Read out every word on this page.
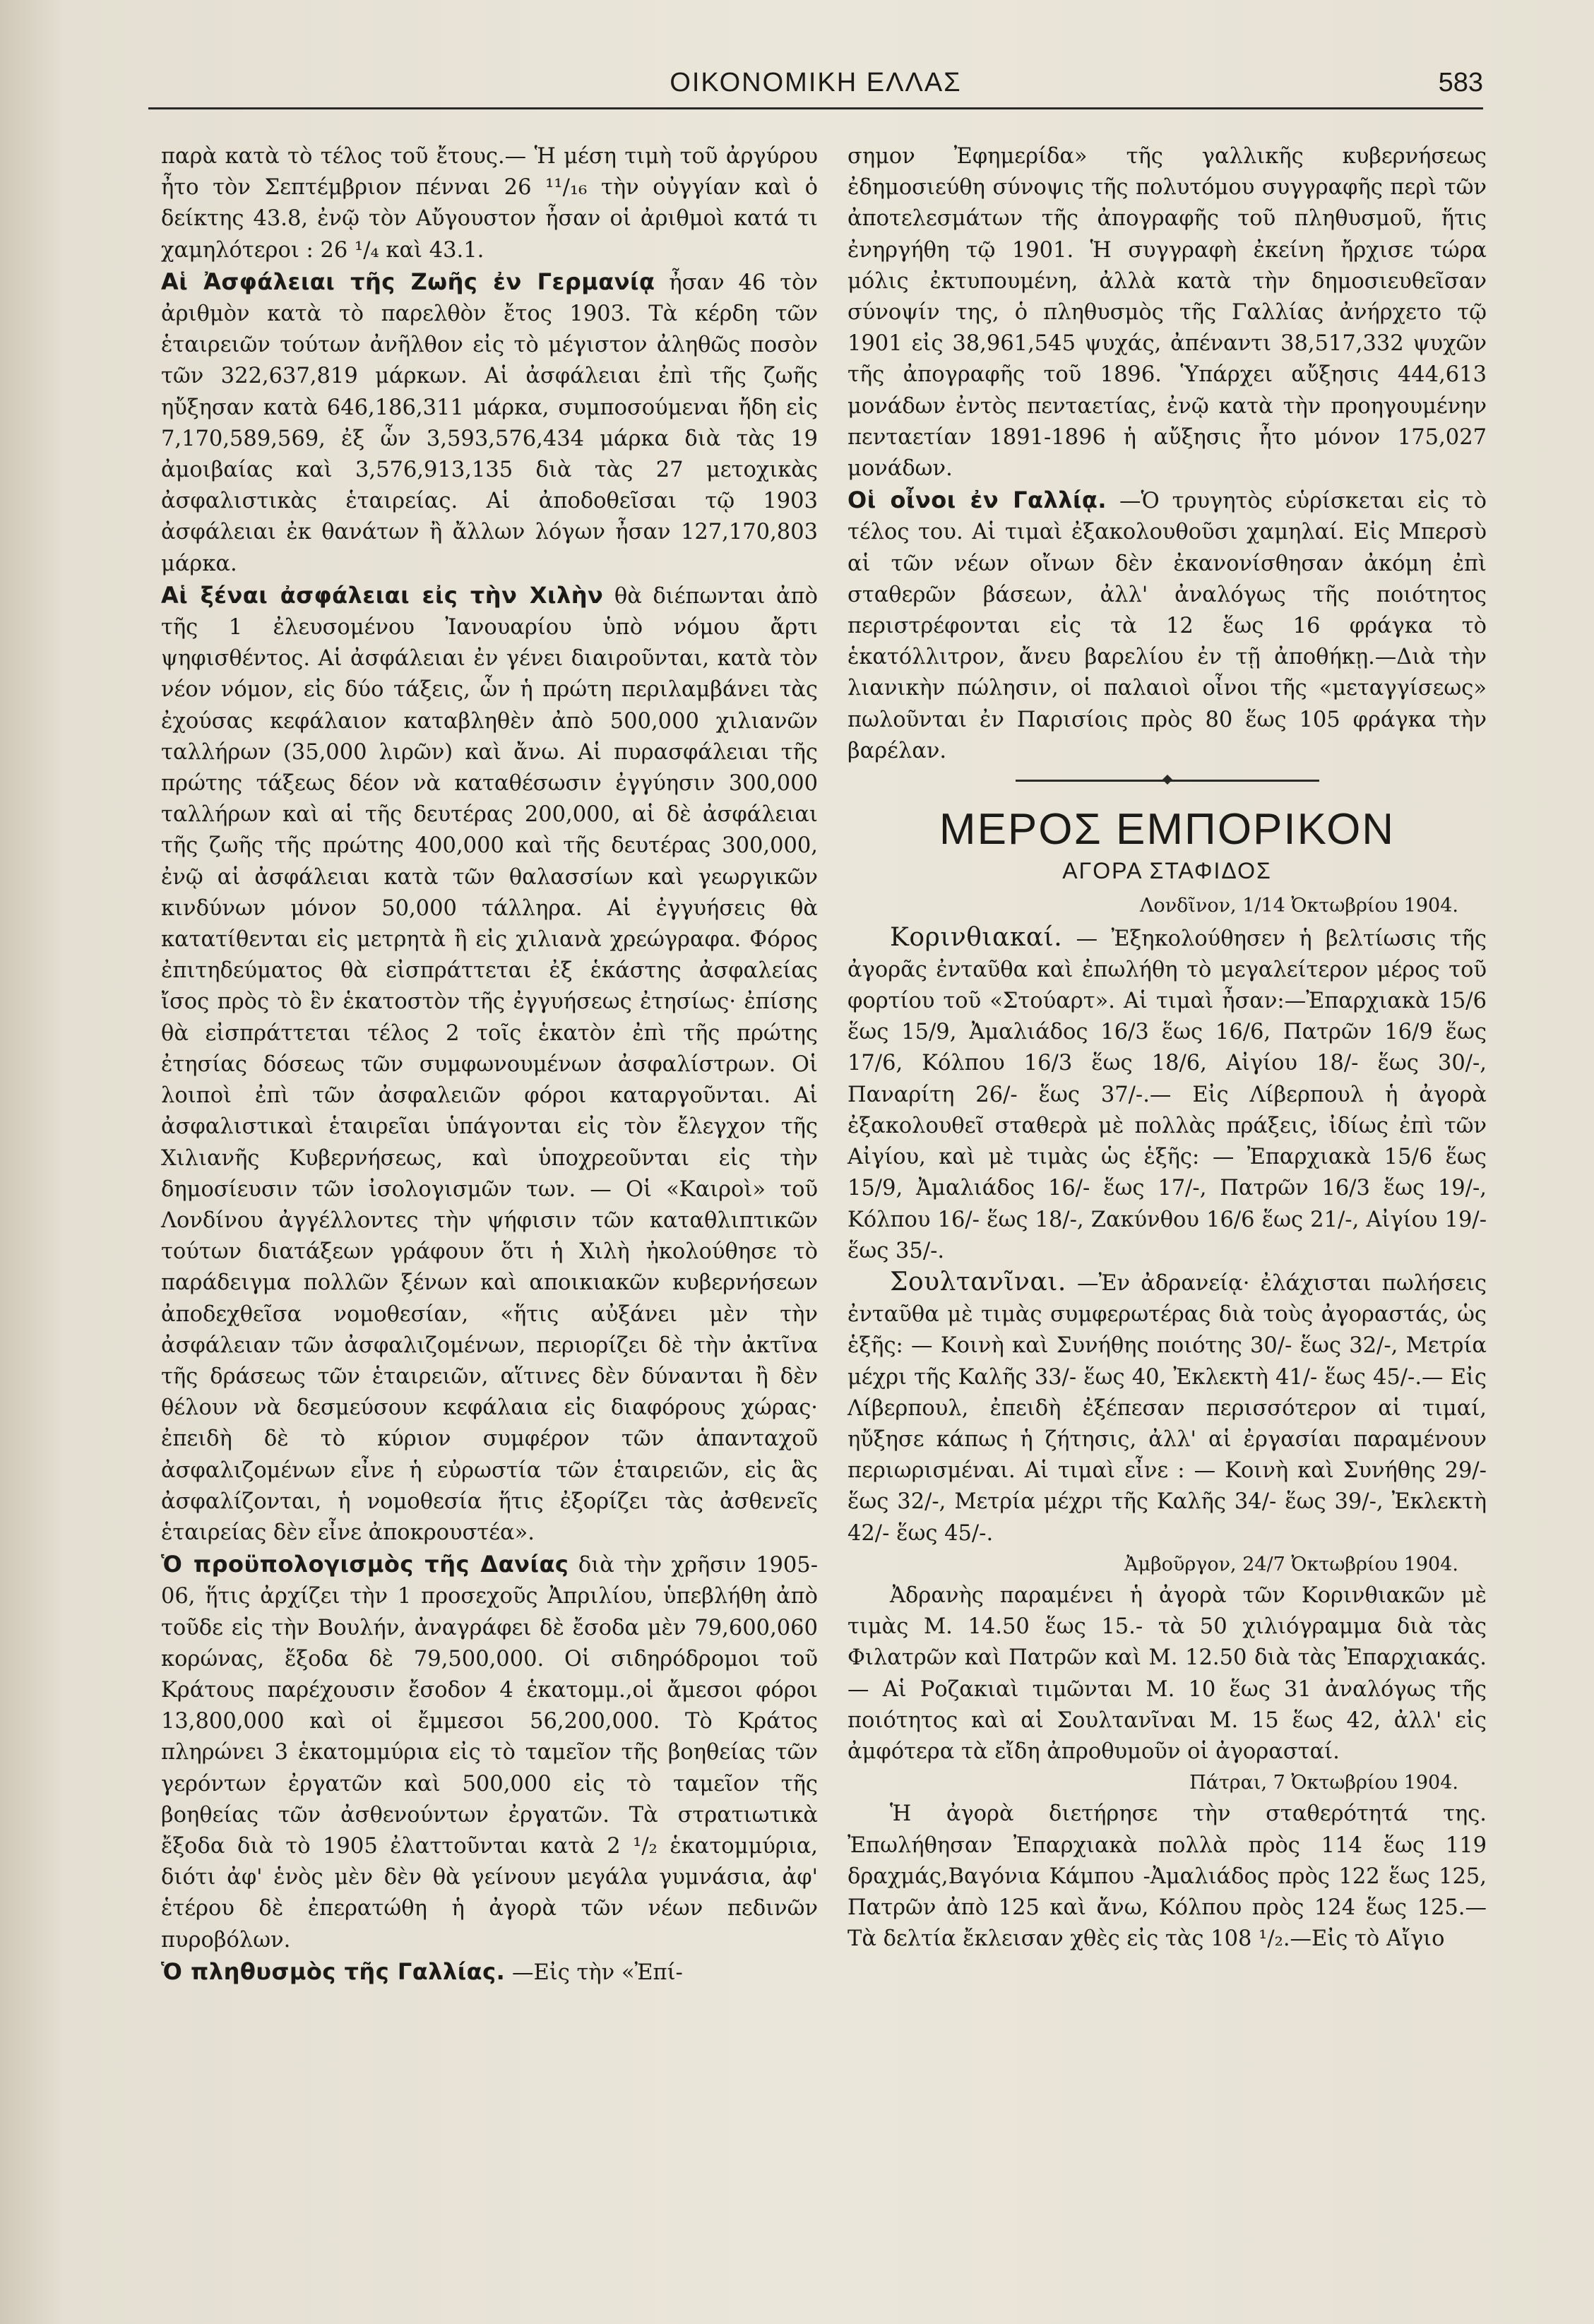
ΟΙΚΟΝΟΜΙΚΗ ΕΛΛΑΣ	583

παρὰ κατὰ τὸ τέλος τοῦ ἔτους.— Ἡ μέση τιμὴ τοῦ ἀργύρου ἦτο τὸν Σεπτέμβριον πένναι 26 ¹¹/₁₆ τὴν οὐγγίαν καὶ ὁ δείκτης 43.8, ἐνῷ τὸν Αὔγουστον ἦσαν οἱ ἀριθμοὶ κατά τι χαμηλότεροι : 26 ¹/₄ καὶ 43.1.

Αἱ Ἀσφάλειαι τῆς Ζωῆς ἐν Γερμανίᾳ ἦσαν 46 τὸν ἀριθμὸν κατὰ τὸ παρελθὸν ἔτος 1903. Τὰ κέρδη τῶν ἑταιρειῶν τούτων ἀνῆλθον εἰς τὸ μέγιστον ἀληθῶς ποσὸν τῶν 322,637,819 μάρκων. Αἱ ἀσφάλειαι ἐπὶ τῆς ζωῆς ηὔξησαν κατὰ 646,186,311 μάρκα, συμποσούμεναι ἤδη εἰς 7,170,589,569, ἐξ ὧν 3,593,576,434 μάρκα διὰ τὰς 19 ἀμοιβαίας καὶ 3,576,913,135 διὰ τὰς 27 μετοχικὰς ἀσφαλιστικὰς ἑταιρείας. Αἱ ἀποδοθεῖσαι τῷ 1903 ἀσφάλειαι ἐκ θανάτων ἢ ἄλλων λόγων ἦσαν 127,170,803 μάρκα.

Αἱ ξέναι ἀσφάλειαι εἰς τὴν Χιλὴν θὰ διέπωνται ἀπὸ τῆς 1 ἐλευσομένου Ἰανουαρίου ὑπὸ νόμου ἄρτι ψηφισθέντος. Αἱ ἀσφάλειαι ἐν γένει διαιροῦνται, κατὰ τὸν νέον νόμον, εἰς δύο τάξεις, ὧν ἡ πρώτη περιλαμβάνει τὰς ἐχούσας κεφάλαιον καταβληθὲν ἀπὸ 500,000 χιλιανῶν ταλλήρων (35,000 λιρῶν) καὶ ἄνω. Αἱ πυρασφάλειαι τῆς πρώτης τάξεως δέον νὰ καταθέσωσιν ἐγγύησιν 300,000 ταλλήρων καὶ αἱ τῆς δευτέρας 200,000, αἱ δὲ ἀσφάλειαι τῆς ζωῆς τῆς πρώτης 400,000 καὶ τῆς δευτέρας 300,000, ἐνῷ αἱ ἀσφάλειαι κατὰ τῶν θαλασσίων καὶ γεωργικῶν κινδύνων μόνον 50,000 τάλληρα. Αἱ ἐγγυήσεις θὰ κατατίθενται εἰς μετρητὰ ἢ εἰς χιλιανὰ χρεώγραφα. Φόρος ἐπιτηδεύματος θὰ εἰσπράττεται ἐξ ἑκάστης ἀσφαλείας ἴσος πρὸς τὸ ἓν ἑκατοστὸν τῆς ἐγγυήσεως ἐτησίως· ἐπίσης θὰ εἰσπράττεται τέλος 2 τοῖς ἑκατὸν ἐπὶ τῆς πρώτης ἐτησίας δόσεως τῶν συμφωνουμένων ἀσφαλίστρων. Οἱ λοιποὶ ἐπὶ τῶν ἀσφαλειῶν φόροι καταργοῦνται. Αἱ ἀσφαλιστικαὶ ἑταιρεῖαι ὑπάγονται εἰς τὸν ἔλεγχον τῆς Χιλιανῆς Κυβερνήσεως, καὶ ὑποχρεοῦνται εἰς τὴν δημοσίευσιν τῶν ἰσολογισμῶν των. — Οἱ «Καιροὶ» τοῦ Λονδίνου ἀγγέλλοντες τὴν ψήφισιν τῶν καταθλιπτικῶν τούτων διατάξεων γράφουν ὅτι ἡ Χιλὴ ἠκολούθησε τὸ παράδειγμα πολλῶν ξένων καὶ αποικιακῶν κυβερνήσεων ἀποδεχθεῖσα νομοθεσίαν, «ἥτις αὐξάνει μὲν τὴν ἀσφάλειαν τῶν ἀσφαλιζομένων, περιορίζει δὲ τὴν ἀκτῖνα τῆς δράσεως τῶν ἑταιρειῶν, αἵτινες δὲν δύνανται ἢ δὲν θέλουν νὰ δεσμεύσουν κεφάλαια εἰς διαφόρους χώρας· ἐπειδὴ δὲ τὸ κύριον συμφέρον τῶν ἁπανταχοῦ ἀσφαλιζομένων εἶνε ἡ εὐρωστία τῶν ἑταιρειῶν, εἰς ἃς ἀσφαλίζονται, ἡ νομοθεσία ἥτις ἐξορίζει τὰς ἀσθενεῖς ἑταιρείας δὲν εἶνε ἀποκρουστέα».

Ὁ προϋπολογισμὸς τῆς Δανίας διὰ τὴν χρῆσιν 1905-06, ἥτις ἀρχίζει τὴν 1 προσεχοῦς Ἀπριλίου, ὑπεβλήθη ἀπὸ τοῦδε εἰς τὴν Βουλήν, ἀναγράφει δὲ ἔσοδα μὲν 79,600,060 κορώνας, ἔξοδα δὲ 79,500,000. Οἱ σιδηρόδρομοι τοῦ Κράτους παρέχουσιν ἔσοδον 4 ἑκατομμ.,οἱ ἄμεσοι φόροι 13,800,000 καὶ οἱ ἔμμεσοι 56,200,000. Τὸ Κράτος πληρώνει 3 ἑκατομμύρια εἰς τὸ ταμεῖον τῆς βοηθείας τῶν γερόντων ἐργατῶν καὶ 500,000 εἰς τὸ ταμεῖον τῆς βοηθείας τῶν ἀσθενούντων ἐργατῶν. Τὰ στρατιωτικὰ ἔξοδα διὰ τὸ 1905 ἐλαττοῦνται κατὰ 2 ¹/₂ ἑκατομμύρια, διότι ἀφ' ἑνὸς μὲν δὲν θὰ γείνουν μεγάλα γυμνάσια, ἀφ' ἑτέρου δὲ ἐπερατώθη ἡ ἀγορὰ τῶν νέων πεδινῶν πυροβόλων.

Ὁ πληθυσμὸς τῆς Γαλλίας. —Εἰς τὴν «Ἐπί-

σημον Ἐφημερίδα» τῆς γαλλικῆς κυβερνήσεως ἐδημοσιεύθη σύνοψις τῆς πολυτόμου συγγραφῆς περὶ τῶν ἀποτελεσμάτων τῆς ἀπογραφῆς τοῦ πληθυσμοῦ, ἥτις ἐνηργήθη τῷ 1901. Ἡ συγγραφὴ ἐκείνη ἤρχισε τώρα μόλις ἐκτυπουμένη, ἀλλὰ κατὰ τὴν δημοσιευθεῖσαν σύνοψίν της, ὁ πληθυσμὸς τῆς Γαλλίας ἀνήρχετο τῷ 1901 εἰς 38,961,545 ψυχάς, ἀπέναντι 38,517,332 ψυχῶν τῆς ἀπογραφῆς τοῦ 1896. Ὑπάρχει αὔξησις 444,613 μονάδων ἐντὸς πενταετίας, ἐνῷ κατὰ τὴν προηγουμένην πενταετίαν 1891-1896 ἡ αὔξησις ἦτο μόνον 175,027 μονάδων.

Οἱ οἶνοι ἐν Γαλλίᾳ. —Ὁ τρυγητὸς εὑρίσκεται εἰς τὸ τέλος του. Αἱ τιμαὶ ἐξακολουθοῦσι χαμηλαί. Εἰς Μπερσὺ αἱ τῶν νέων οἴνων δὲν ἐκανονίσθησαν ἀκόμη ἐπὶ σταθερῶν βάσεων, ἀλλ' ἀναλόγως τῆς ποιότητος περιστρέφονται εἰς τὰ 12 ἕως 16 φράγκα τὸ ἑκατόλλιτρον, ἄνευ βαρελίου ἐν τῇ ἀποθήκῃ.—Διὰ τὴν λιανικὴν πώλησιν, οἱ παλαιοὶ οἶνοι τῆς «μεταγγίσεως» πωλοῦνται ἐν Παρισίοις πρὸς 80 ἕως 105 φράγκα τὴν βαρέλαν.

ΜΕΡΟΣ ΕΜΠΟΡΙΚΟΝ
ΑΓΟΡΑ ΣΤΑΦΙΔΟΣ
Λονδῖνον, 1/14 Ὀκτωβρίου 1904.

Κορινθιακαί. — Ἐξηκολούθησεν ἡ βελτίωσις τῆς ἀγορᾶς ἐνταῦθα καὶ ἐπωλήθη τὸ μεγαλείτερον μέρος τοῦ φορτίου τοῦ «Στούαρτ». Αἱ τιμαὶ ἦσαν:—Ἐπαρχιακὰ 15/6 ἕως 15/9, Ἀμαλιάδος 16/3 ἕως 16/6, Πατρῶν 16/9 ἕως 17/6, Κόλπου 16/3 ἕως 18/6, Αἰγίου 18/- ἕως 30/-, Παναρίτη 26/- ἕως 37/-.— Εἰς Λίβερπουλ ἡ ἀγορὰ ἐξακολουθεῖ σταθερὰ μὲ πολλὰς πράξεις, ἰδίως ἐπὶ τῶν Αἰγίου, καὶ μὲ τιμὰς ὡς ἑξῆς: — Ἐπαρχιακὰ 15/6 ἕως 15/9, Ἀμαλιάδος 16/- ἕως 17/-, Πατρῶν 16/3 ἕως 19/-, Κόλπου 16/- ἕως 18/-, Ζακύνθου 16/6 ἕως 21/-, Αἰγίου 19/- ἕως 35/-.

Σουλτανῖναι. —Ἐν ἀδρανείᾳ· ἐλάχισται πωλήσεις ἐνταῦθα μὲ τιμὰς συμφερωτέρας διὰ τοὺς ἀγοραστάς, ὡς ἑξῆς: — Κοινὴ καὶ Συνήθης ποιότης 30/- ἕως 32/-, Μετρία μέχρι τῆς Καλῆς 33/- ἕως 40, Ἐκλεκτὴ 41/- ἕως 45/-.— Εἰς Λίβερπουλ, ἐπειδὴ ἐξέπεσαν περισσότερον αἱ τιμαί, ηὔξησε κάπως ἡ ζήτησις, ἀλλ' αἱ ἐργασίαι παραμένουν περιωρισμέναι. Αἱ τιμαὶ εἶνε : — Κοινὴ καὶ Συνήθης 29/- ἕως 32/-, Μετρία μέχρι τῆς Καλῆς 34/- ἕως 39/-, Ἐκλεκτὴ 42/- ἕως 45/-.

Ἀμβοῦργον, 24/7 Ὀκτωβρίου 1904.

Ἀδρανὴς παραμένει ἡ ἀγορὰ τῶν Κορινθιακῶν μὲ τιμὰς Μ. 14.50 ἕως 15.- τὰ 50 χιλιόγραμμα διὰ τὰς Φιλατρῶν καὶ Πατρῶν καὶ Μ. 12.50 διὰ τὰς Ἐπαρχιακάς. — Αἱ Ροζακιαὶ τιμῶνται Μ. 10 ἕως 31 ἀναλόγως τῆς ποιότητος καὶ αἱ Σουλτανῖναι Μ. 15 ἕως 42, ἀλλ' εἰς ἀμφότερα τὰ εἴδη ἀπροθυμοῦν οἱ ἀγορασταί.

Πάτραι, 7 Ὀκτωβρίου 1904.

Ἡ ἀγορὰ διετήρησε τὴν σταθερότητά της. Ἐπωλήθησαν Ἐπαρχιακὰ πολλὰ πρὸς 114 ἕως 119 δραχμάς,Βαγόνια Κάμπου -Ἀμαλιάδος πρὸς 122 ἕως 125, Πατρῶν ἀπὸ 125 καὶ ἄνω, Κόλπου πρὸς 124 ἕως 125.— Τὰ δελτία ἔκλεισαν χθὲς εἰς τὰς 108 ¹/₂.—Εἰς τὸ Αἴγιο
